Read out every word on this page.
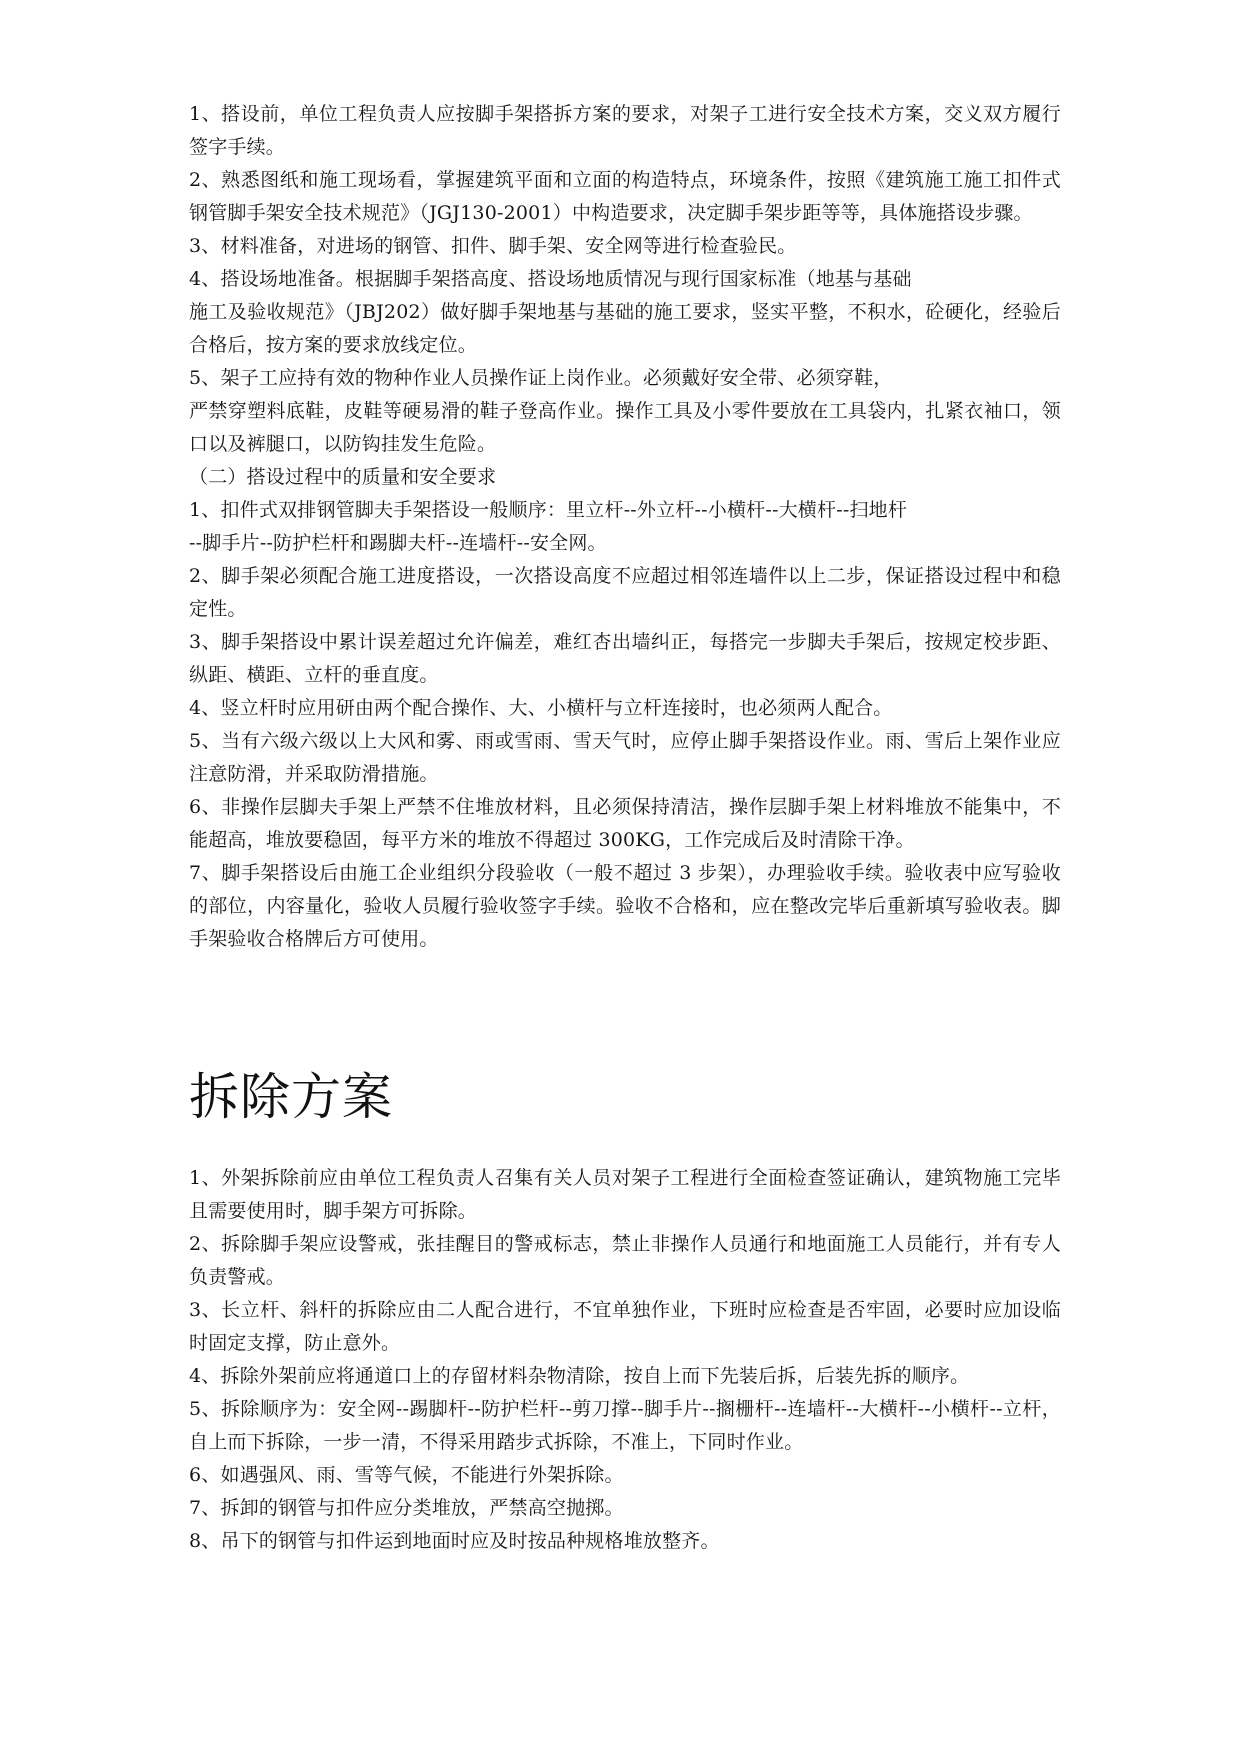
1、搭设前，单位工程负责人应按脚手架搭拆方案的要求，对架子工进行安全技术方案，交义双方履行签字手续。

2、熟悉图纸和施工现场看，掌握建筑平面和立面的构造特点，环境条件，按照《建筑施工施工扣件式钢管脚手架安全技术规范》（JGJ130-2001）中构造要求，决定脚手架步距等等，具体施搭设步骤。

3、材料准备，对进场的钢管、扣件、脚手架、安全网等进行检查验民。

4、搭设场地准备。根据脚手架搭高度、搭设场地质情况与现行国家标准（地基与基础
施工及验收规范》（JBJ202）做好脚手架地基与基础的施工要求，竖实平整，不积水，砼硬化，经验后合格后，按方案的要求放线定位。

5、架子工应持有效的物种作业人员操作证上岗作业。必须戴好安全带、必须穿鞋，
严禁穿塑料底鞋，皮鞋等硬易滑的鞋子登高作业。操作工具及小零件要放在工具袋内，扎紧衣袖口，领口以及裤腿口，以防钩挂发生危险。

（二）搭设过程中的质量和安全要求

1、扣件式双排钢管脚夫手架搭设一般顺序：里立杆--外立杆--小横杆--大横杆--扫地杆
--脚手片--防护栏杆和踢脚夫杆--连墙杆--安全网。

2、脚手架必须配合施工进度搭设，一次搭设高度不应超过相邻连墙件以上二步，保证搭设过程中和稳定性。

3、脚手架搭设中累计误差超过允许偏差，难红杏出墙纠正，每搭完一步脚夫手架后，按规定校步距、纵距、横距、立杆的垂直度。

4、竖立杆时应用研由两个配合操作、大、小横杆与立杆连接时，也必须两人配合。

5、当有六级六级以上大风和雾、雨或雪雨、雪天气时，应停止脚手架搭设作业。雨、雪后上架作业应注意防滑，并采取防滑措施。

6、非操作层脚夫手架上严禁不住堆放材料，且必须保持清洁，操作层脚手架上材料堆放不能集中，不能超高，堆放要稳固，每平方米的堆放不得超过 300KG，工作完成后及时清除干净。

7、脚手架搭设后由施工企业组织分段验收（一般不超过 3 步架），办理验收手续。验收表中应写验收的部位，内容量化，验收人员履行验收签字手续。验收不合格和，应在整改完毕后重新填写验收表。脚手架验收合格牌后方可使用。

拆除方案

1、外架拆除前应由单位工程负责人召集有关人员对架子工程进行全面检查签证确认，建筑物施工完毕且需要使用时，脚手架方可拆除。

2、拆除脚手架应设警戒，张挂醒目的警戒标志，禁止非操作人员通行和地面施工人员能行，并有专人负责警戒。

3、长立杆、斜杆的拆除应由二人配合进行，不宜单独作业，下班时应检查是否牢固，必要时应加设临时固定支撑，防止意外。

4、拆除外架前应将通道口上的存留材料杂物清除，按自上而下先装后拆，后装先拆的顺序。

5、拆除顺序为：安全网--踢脚杆--防护栏杆--剪刀撑--脚手片--搁栅杆--连墙杆--大横杆--小横杆--立杆，自上而下拆除，一步一清，不得采用踏步式拆除，不准上，下同时作业。

6、如遇强风、雨、雪等气候，不能进行外架拆除。

7、拆卸的钢管与扣件应分类堆放，严禁高空抛掷。

8、吊下的钢管与扣件运到地面时应及时按品种规格堆放整齐。
